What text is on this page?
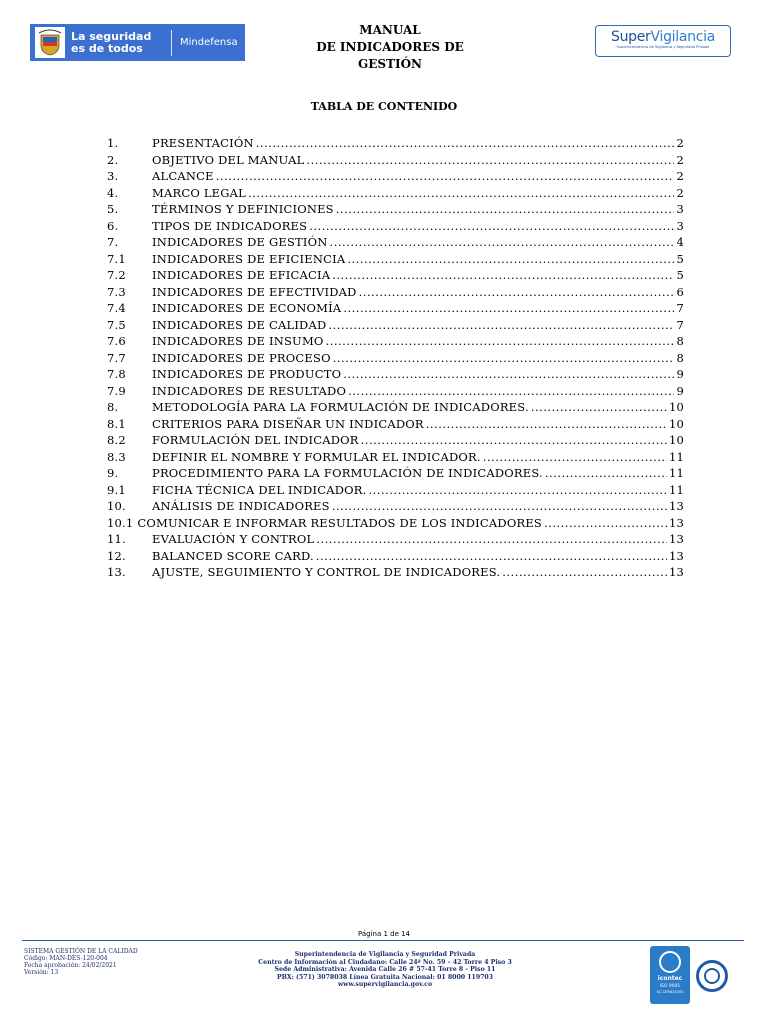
La seguridad
es de todos	Mindefensa
MANUAL
DE INDICADORES DE
GESTIÓN
SuperVigilancia
Superintendencia de Vigilancia y Seguridad Privada
TABLA DE CONTENIDO
1.	PRESENTACIÓN .....	2
2.	OBJETIVO DEL MANUAL .....	2
3.	ALCANCE .....	2
4.	MARCO LEGAL .....	2
5.	TÉRMINOS Y DEFINICIONES .....	3
6.	TIPOS DE INDICADORES .....	3
7.	INDICADORES DE GESTIÓN .....	4
7.1	INDICADORES DE EFICIENCIA .....	5
7.2	INDICADORES DE EFICACIA .....	5
7.3	INDICADORES DE EFECTIVIDAD .....	6
7.4	INDICADORES DE ECONOMÍA .....	7
7.5	INDICADORES DE CALIDAD .....	7
7.6	INDICADORES DE INSUMO .....	8
7.7	INDICADORES DE PROCESO .....	8
7.8	INDICADORES DE PRODUCTO .....	9
7.9	INDICADORES DE RESULTADO .....	9
8.	METODOLOGÍA PARA LA FORMULACIÓN DE INDICADORES. .....	10
8.1	CRITERIOS PARA DISEÑAR UN INDICADOR .....	10
8.2	FORMULACIÓN DEL INDICADOR .....	10
8.3	DEFINIR EL NOMBRE Y FORMULAR EL INDICADOR. .....	11
9.	PROCEDIMIENTO PARA LA FORMULACIÓN DE INDICADORES. .....	11
9.1	FICHA TÉCNICA DEL INDICADOR. .....	11
10.	ANÁLISIS DE INDICADORES .....	13
10.1 COMUNICAR E INFORMAR RESULTADOS DE LOS INDICADORES .....	13
11.	EVALUACIÓN Y CONTROL .....	13
12.	BALANCED SCORE CARD. .....	13
13.	AJUSTE, SEGUIMIENTO Y CONTROL DE INDICADORES. .....	13
Página 1 de 14
SISTEMA GESTIÓN DE LA CALIDAD
Código: MAN-DES-120-004
Fecha aprobación: 24/02/2021
Versión: 13
Superintendencia de Vigilancia y Seguridad Privada
Centro de Información al Ciudadano: Calle 24ª No. 59 – 42 Torre 4 Piso 3
Sede Administrativa: Avenida Calle 26 # 57-41 Torre 8 - Piso 11
PBX: (571) 3078038 Línea Gratuita Nacional: 01 8000 119703
www.supervigilancia.gov.co
icontec
ISO 9001
SC-CER815205
